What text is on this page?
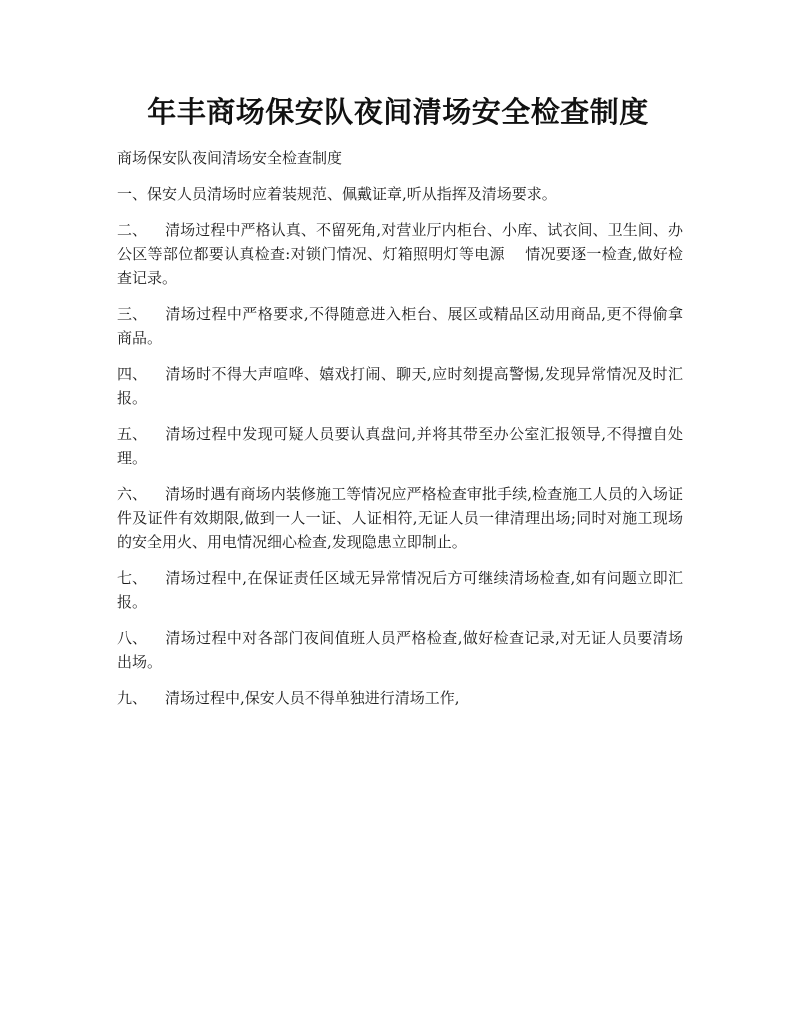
年丰商场保安队夜间清场安全检查制度

商场保安队夜间清场安全检查制度

一、保安人员清场时应着装规范、佩戴证章,听从指挥及清场要求。

二、 清场过程中严格认真、不留死角,对营业厅内柜台、小库、试衣间、卫生间、办公区等部位都要认真检查:对锁门情况、灯箱照明灯等电源　 情况要逐一检查,做好检查记录。

三、 清场过程中严格要求,不得随意进入柜台、展区或精品区动用商品,更不得偷拿商品。

四、 清场时不得大声喧哗、嬉戏打闹、聊天,应时刻提高警惕,发现异常情况及时汇报。

五、 清场过程中发现可疑人员要认真盘问,并将其带至办公室汇报领导,不得擅自处理。

六、 清场时遇有商场内装修施工等情况应严格检查审批手续,检查施工人员的入场证件及证件有效期限,做到一人一证、人证相符,无证人员一律清理出场;同时对施工现场的安全用火、用电情况细心检查,发现隐患立即制止。

七、 清场过程中,在保证责任区域无异常情况后方可继续清场检查,如有问题立即汇报。

八、 清场过程中对各部门夜间值班人员严格检查,做好检查记录,对无证人员要清场出场。

九、 清场过程中,保安人员不得单独进行清场工作,
